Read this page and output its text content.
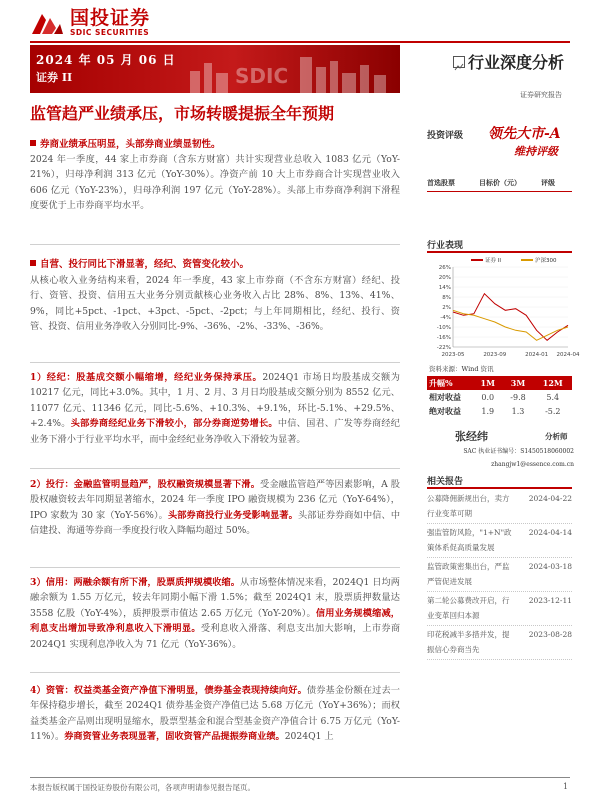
国投证券
SDIC SECURITIES
SDIC
2024 年 05 月 06 日
证券 II
行业深度分析
证券研究报告
监管趋严业绩承压，市场转暖提振全年预期
券商业绩承压明显，头部券商业绩显韧性。
2024 年一季度，44 家上市券商（含东方财富）共计实现营业总收入 1083 亿元（YoY-21%），归母净利润 313 亿元（YoY-30%）。净资产前 10 大上市券商合计实现营业收入 606 亿元（YoY-23%），归母净利润 197 亿元（YoY-28%）。头部上市券商净利润下滑程度要优于上市券商平均水平。
自营、投行同比下滑显著，经纪、资管变化较小。
从核心收入业务结构来看，2024 年一季度，43 家上市券商（不含东方财富）经纪、投行、资管、投资、信用五大业务分别贡献核心业务收入占比 28%、8%、13%、41%、9%，同比+5pct、-1pct、+3pct、-5pct、-2pct；与上年同期相比，经纪、投行、资管、投资、信用业务净收入分别同比-9%、-36%、-2%、-33%、-36%。
1）经纪：股基成交额小幅缩增，经纪业务保持承压。2024Q1 市场日均股基成交额为 10217 亿元，同比+3.0%。其中，1 月、2 月、3 月日均股基成交额分别为 8552 亿元、11077 亿元、11346 亿元，同比-5.6%、+10.3%、+9.1%，环比-5.1%、+29.5%、+2.4%。头部券商经纪业务下滑较小，部分券商逆势增长。中信、国君、广发等券商经纪业务下滑小于行业平均水平，而中金经纪业务净收入下滑较为显著。
2）投行：金融监管明显趋严，股权融资规模显著下滑。受金融监管趋严等因素影响，A 股股权融资较去年同期显著缩水，2024 年一季度 IPO 融资规模为 236 亿元（YoY-64%），IPO 家数为 30 家（YoY-56%）。头部券商投行业务受影响显著。头部证券券商如中信、中信建投、海通等券商一季度投行收入降幅均超过 50%。
3）信用：两融余额有所下滑，股票质押规模收缩。从市场整体情况来看，2024Q1 日均两融余额为 1.55 万亿元，较去年同期小幅下滑 1.5%；截至 2024Q1 末，股票质押数量达 3558 亿股（YoY-4%），质押股票市值达 2.65 万亿元（YoY-20%）。信用业务规模缩减，利息支出增加导致净利息收入下滑明显。受利息收入滑落、利息支出加大影响，上市券商 2024Q1 实现利息净收入为 71 亿元（YoY-36%）。
4）资管：权益类基金资产净值下滑明显，债券基金表现持续向好。债券基金份额在过去一年保持稳步增长，截至 2024Q1 债券基金资产净值已达 5.68 万亿元（YoY+36%）；而权益类基金产品则出现明显缩水，股票型基金和混合型基金资产净值合计 6.75 万亿元（YoY-11%）。券商资管业务表现显著，固收资管产品提振券商业绩。2024Q1 上
投资评级 领先大市-A
维持评级
首选股票	目标价（元）	评级
行业表现
26%
20%
14%
8%
2%
-4%
-10%
-16%
-22%
2023-05	2023-09	2024-01 2024-04
证券 II	沪深300
资料来源：Wind 资讯
升幅%	1M	3M	12M
相对收益	0.0	-9.8	5.4
绝对收益	1.9	1.3	-5.2
张经纬	分析师
SAC 执业证书编号：S1450518060002
zhangjw1@essence.com.cn
相关报告
公募降佣新规出台，卖方行业变革可期
2024-04-22
强监管防风险，"1+N"政策体系促高质量发展
2024-04-14
监管政策密集出台，严监严管促进发展
2024-03-18
第二轮公募费改开启，行业变革回归本源
2023-12-11
印花税减半多措并发，提振信心券商当先
2023-08-28
本报告版权属于国投证券股份有限公司，各项声明请参见报告尾页。	1
